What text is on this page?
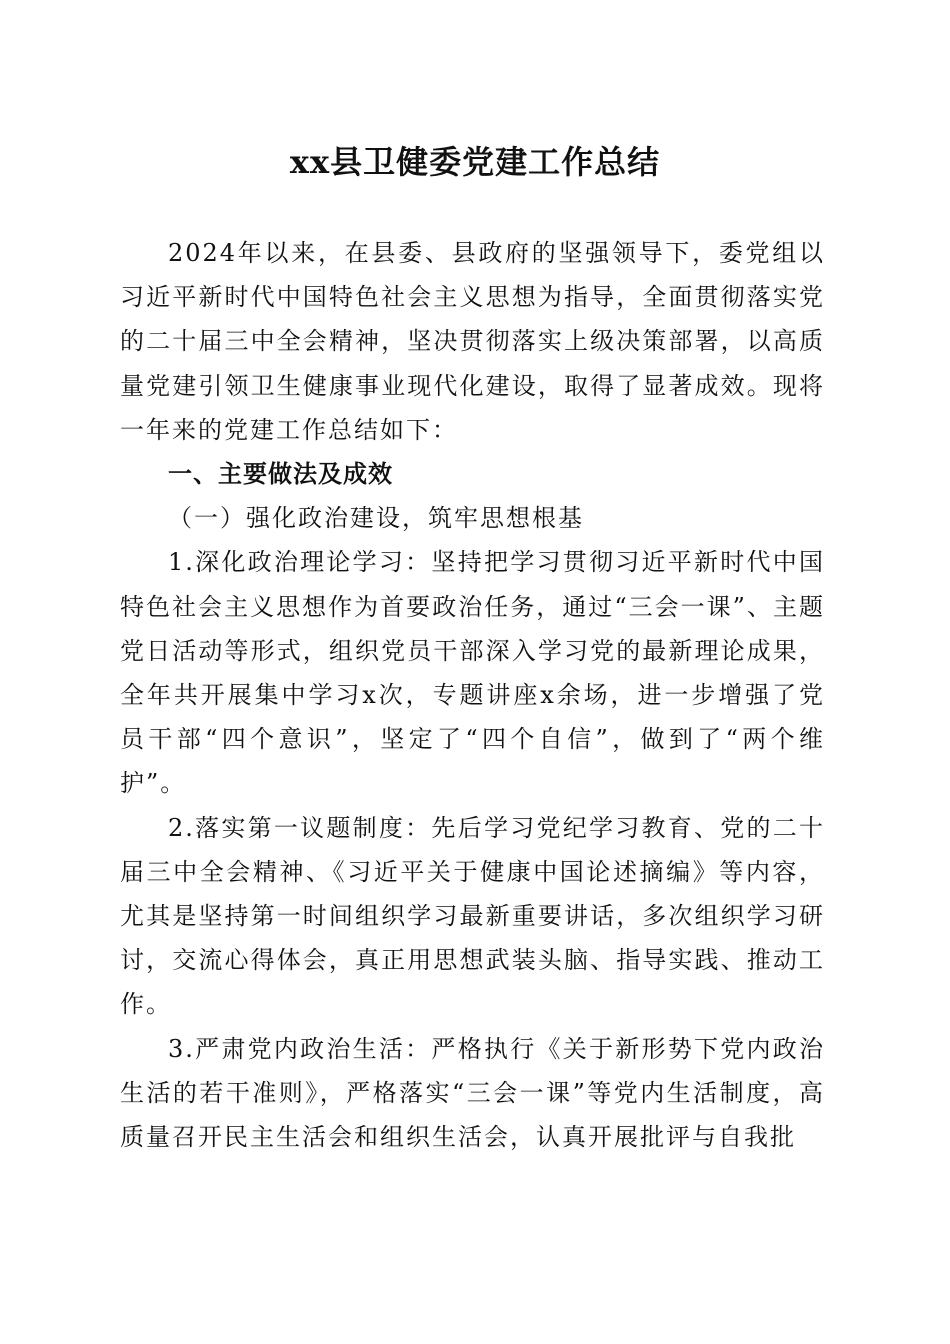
xx县卫健委党建工作总结

2024年以来，在县委、县政府的坚强领导下，委党组以习近平新时代中国特色社会主义思想为指导，全面贯彻落实党的二十届三中全会精神，坚决贯彻落实上级决策部署，以高质量党建引领卫生健康事业现代化建设，取得了显著成效。现将一年来的党建工作总结如下：

一、主要做法及成效

（一）强化政治建设，筑牢思想根基

1.深化政治理论学习：坚持把学习贯彻习近平新时代中国特色社会主义思想作为首要政治任务，通过“三会一课”、主题党日活动等形式，组织党员干部深入学习党的最新理论成果，全年共开展集中学习x次，专题讲座x余场，进一步增强了党员干部“四个意识”，坚定了“四个自信”，做到了“两个维护”。

2.落实第一议题制度：先后学习党纪学习教育、党的二十届三中全会精神、《习近平关于健康中国论述摘编》等内容，尤其是坚持第一时间组织学习最新重要讲话，多次组织学习研讨，交流心得体会，真正用思想武装头脑、指导实践、推动工作。

3.严肃党内政治生活：严格执行《关于新形势下党内政治生活的若干准则》，严格落实“三会一课”等党内生活制度，高质量召开民主生活会和组织生活会，认真开展批评与自我批
